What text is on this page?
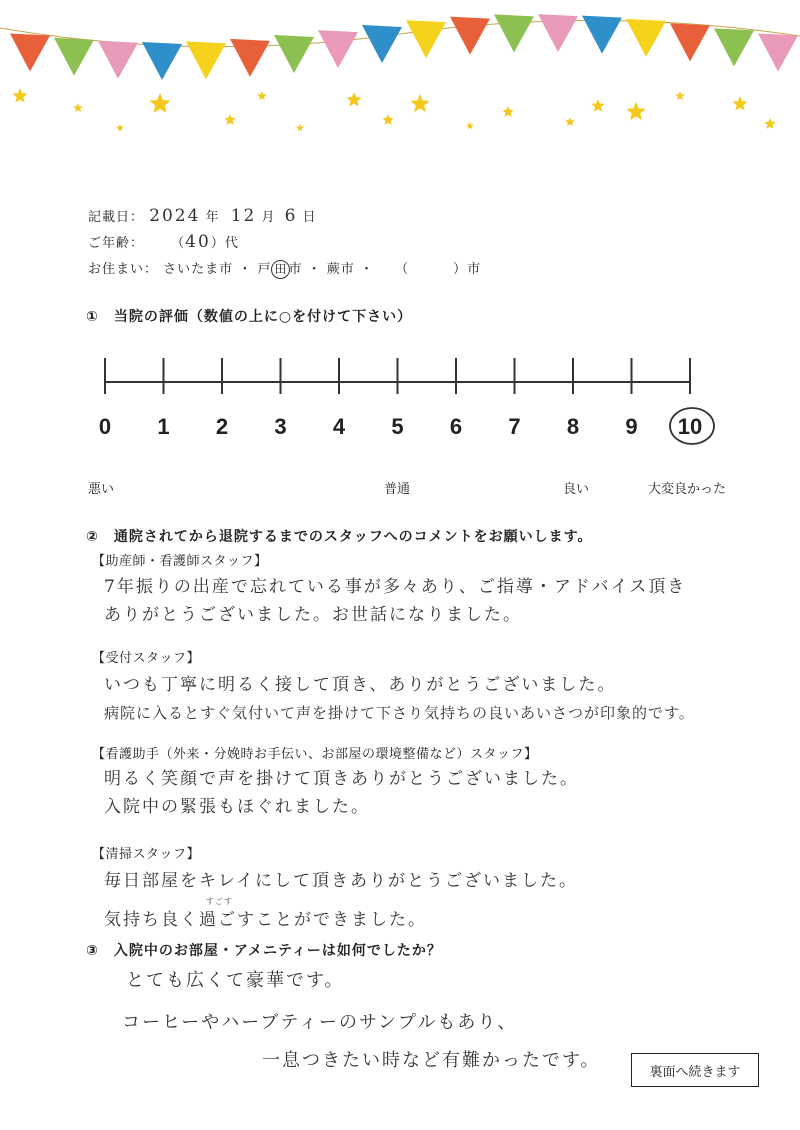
記載日： 2024 年 12 月 6 日
ご年齢： （40）代
お住まい： さいたま市 ・ 戸 田市 ・ 蕨市 ・ （	）市
① 当院の評価（数値の上に○を付けて下さい）
0 1 2 3 4 5 6 7 8 9 10
悪い	普通	良い	大変良かった
② 通院されてから退院するまでのスタッフへのコメントをお願いします。
【助産師・看護師スタッフ】
7年振りの出産で忘れている事が多々あり、ご指導・アドバイス頂き
ありがとうございました。お世話になりました。
【受付スタッフ】
いつも丁寧に明るく接して頂き、ありがとうございました。
病院に入るとすぐ気付いて声を掛けて下さり気持ちの良いあいさつが印象的です。
【看護助手（外来・分娩時お手伝い、お部屋の環境整備など）スタッフ】
明るく笑顔で声を掛けて頂きありがとうございました。
入院中の緊張もほぐれました。
【清掃スタッフ】
毎日部屋をキレイにして頂きありがとうございました。
すごす
気持ち良く過ごすことができました。
③ 入院中のお部屋・アメニティーは如何でしたか？
とても広くて豪華です。
コーヒーやハーブティーのサンプルもあり、
一息つきたい時など有難かったです。
裏面へ続きます
